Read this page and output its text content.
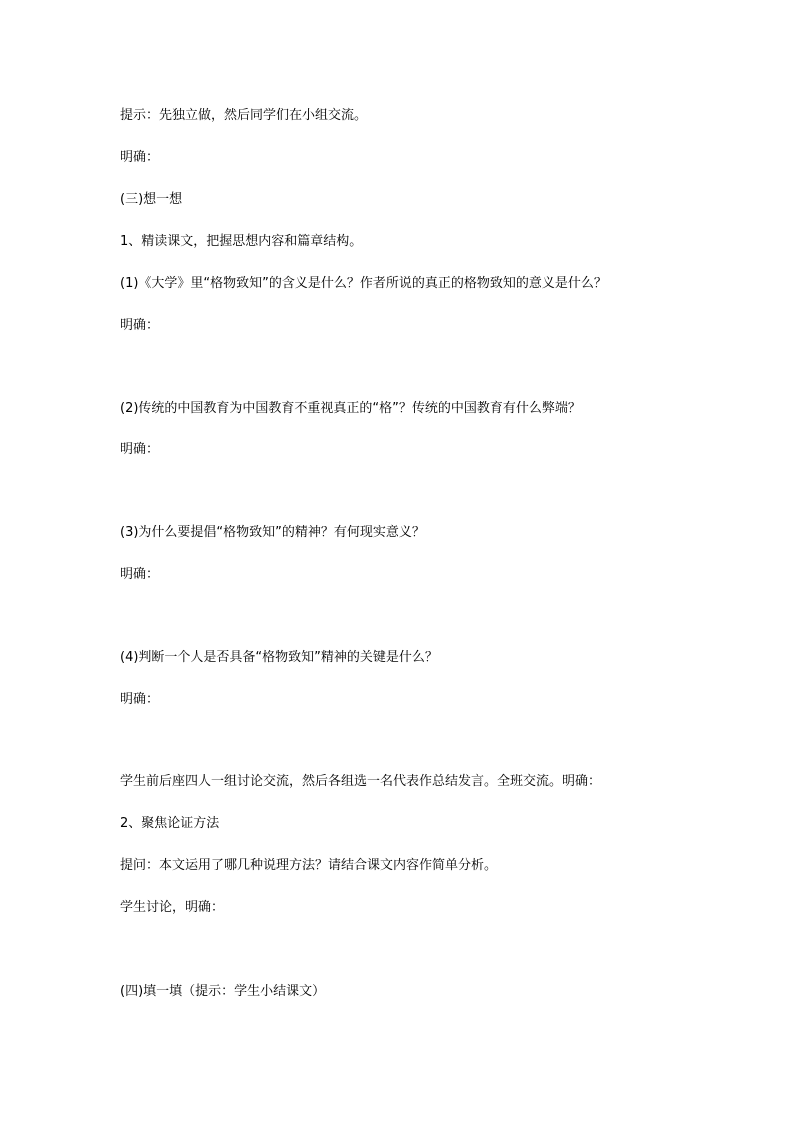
提示：先独立做，然后同学们在小组交流。
明确：
(三)想一想
1、精读课文，把握思想内容和篇章结构。
(1)《大学》里“格物致知”的含义是什么？作者所说的真正的格物致知的意义是什么？
明确：
(2)传统的中国教育为中国教育不重视真正的“格”？传统的中国教育有什么弊端？
明确：
(3)为什么要提倡“格物致知”的精神？有何现实意义？
明确：
(4)判断一个人是否具备“格物致知”精神的关键是什么？
明确：
学生前后座四人一组讨论交流，然后各组选一名代表作总结发言。全班交流。明确：
2、聚焦论证方法
提问：本文运用了哪几种说理方法？请结合课文内容作简单分析。
学生讨论，明确：
(四)填一填（提示：学生小结课文）
